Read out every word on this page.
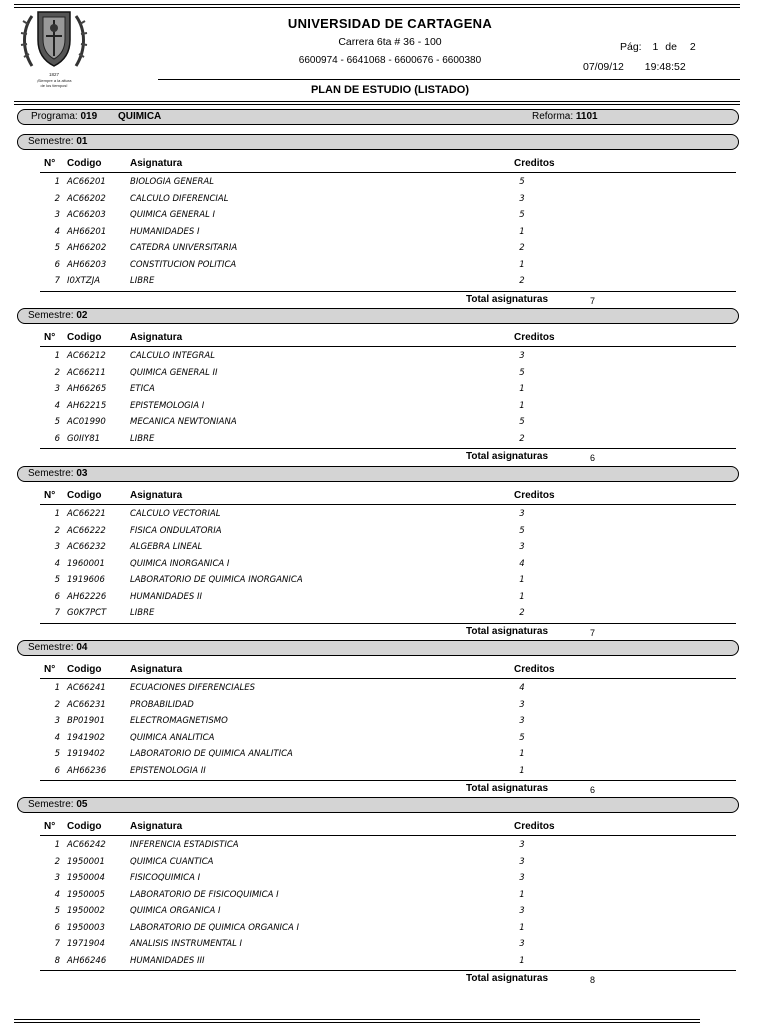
1827
¡Siempre a la altura
de los tiempos!
UNIVERSIDAD DE CARTAGENA
Carrera 6ta # 36 - 100
6600974 - 6641068 - 6600676 - 6600380
Pág: 1 de 2
07/09/12 19:48:52
PLAN DE ESTUDIO (LISTADO)
Programa: 019 QUIMICA	Reforma: 1101
Semestre: 01
N° Codigo	Asignatura	Creditos
1 AC66201	BIOLOGIA GENERAL	5
2 AC66202	CALCULO DIFERENCIAL	3
3 AC66203	QUIMICA GENERAL I	5
4 AH66201	HUMANIDADES I	1
5 AH66202	CATEDRA UNIVERSITARIA	2
6 AH66203	CONSTITUCION POLITICA	1
7 I0XTZJA	LIBRE	2
Total asignaturas	7
Semestre: 02
N° Codigo	Asignatura	Creditos
1 AC66212	CALCULO INTEGRAL	3
2 AC66211	QUIMICA GENERAL II	5
3 AH66265	ETICA	1
4 AH62215	EPISTEMOLOGIA I	1
5 AC01990	MECANICA NEWTONIANA	5
6 G0IIY81	LIBRE	2
Total asignaturas	6
Semestre: 03
N° Codigo	Asignatura	Creditos
1 AC66221	CALCULO VECTORIAL	3
2 AC66222	FISICA ONDULATORIA	5
3 AC66232	ALGEBRA LINEAL	3
4 1960001	QUIMICA INORGANICA I	4
5 1919606	LABORATORIO DE QUIMICA INORGANICA	1
6 AH62226	HUMANIDADES II	1
7 G0K7PCT	LIBRE	2
Total asignaturas	7
Semestre: 04
N° Codigo	Asignatura	Creditos
1 AC66241	ECUACIONES DIFERENCIALES	4
2 AC66231	PROBABILIDAD	3
3 BP01901	ELECTROMAGNETISMO	3
4 1941902	QUIMICA ANALITICA	5
5 1919402	LABORATORIO DE QUIMICA ANALITICA	1
6 AH66236	EPISTENOLOGIA II	1
Total asignaturas	6
Semestre: 05
N° Codigo	Asignatura	Creditos
1 AC66242	INFERENCIA ESTADISTICA	3
2 1950001	QUIMICA CUANTICA	3
3 1950004	FISICOQUIMICA I	3
4 1950005	LABORATORIO DE FISICOQUIMICA I	1
5 1950002	QUIMICA ORGANICA I	3
6 1950003	LABORATORIO DE QUIMICA ORGANICA I	1
7 1971904	ANALISIS INSTRUMENTAL I	3
8 AH66246	HUMANIDADES III	1
Total asignaturas	8
